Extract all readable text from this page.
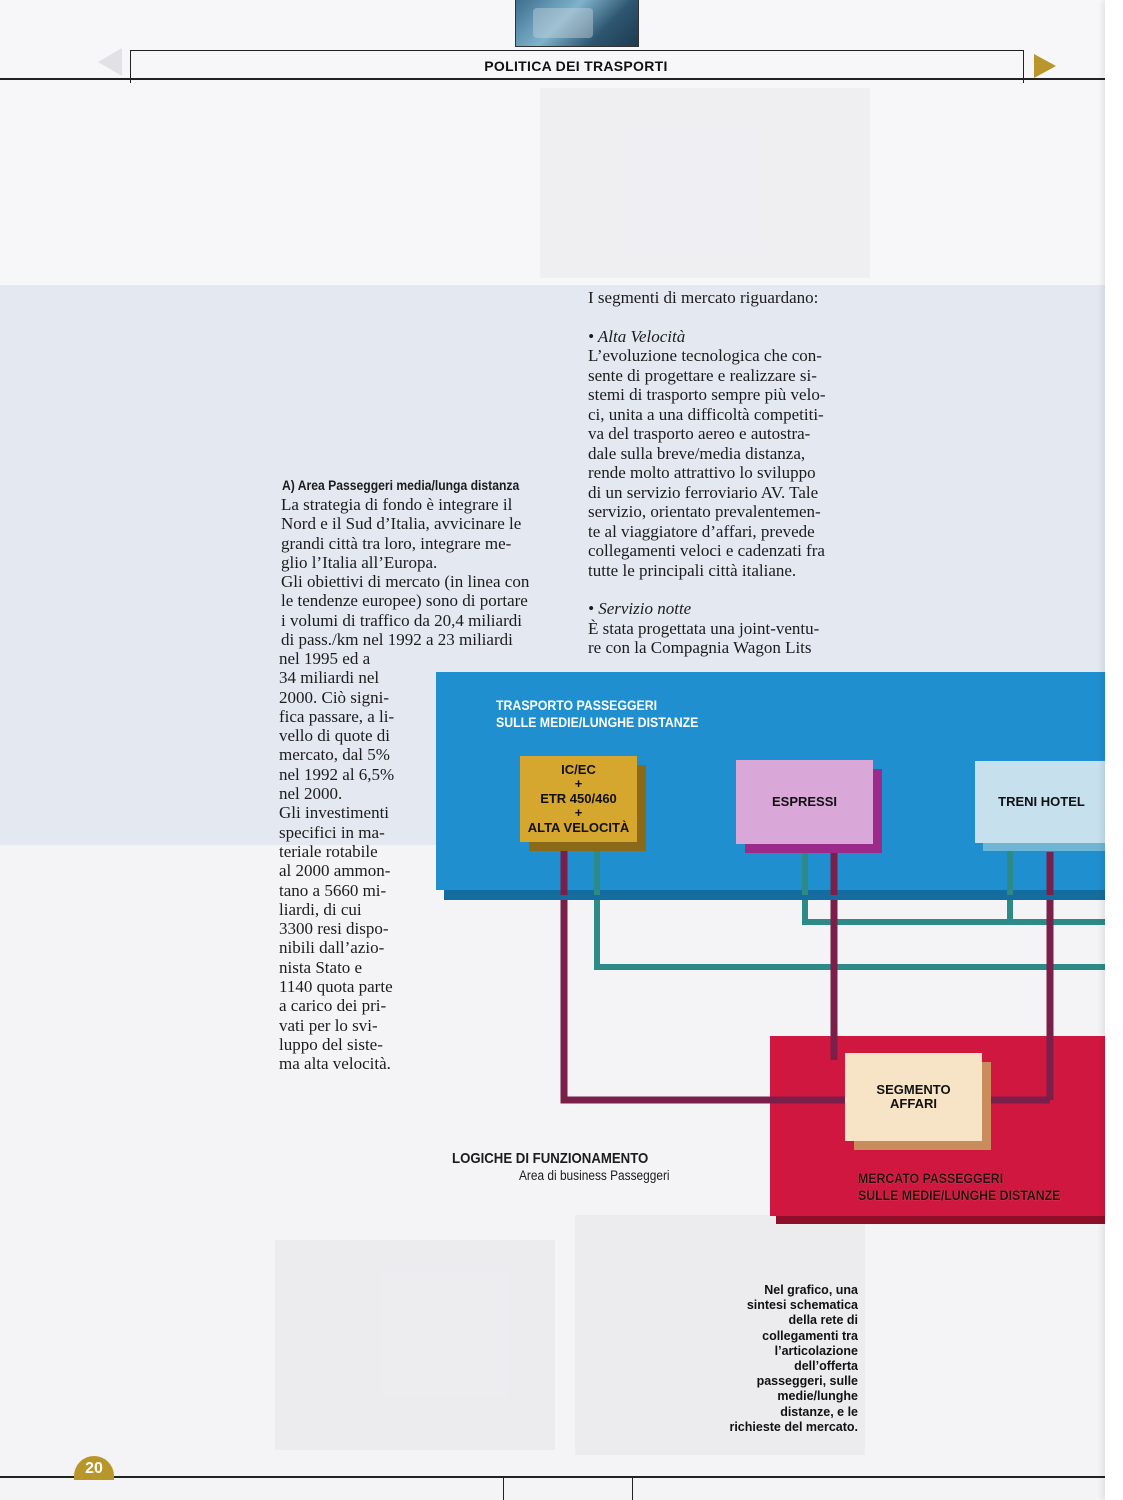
POLITICA DEI TRASPORTI

I segmenti di mercato riguardano:

• Alta Velocità

L’evoluzione tecnologica che con-

sente di progettare e realizzare si-

stemi di trasporto sempre più velo-

ci, unita a una difficoltà competiti-

va del trasporto aereo e autostra-

dale sulla breve/media distanza,

rende molto attrattivo lo sviluppo

di un servizio ferroviario AV. Tale

servizio, orientato prevalentemen-

te al viaggiatore d’affari, prevede

collegamenti veloci e cadenzati fra

tutte le principali città italiane.

• Servizio notte

È stata progettata una joint-ventu-

re con la Compagnia Wagon Lits

A) Area Passeggeri media/lunga distanza

La strategia di fondo è integrare il

Nord e il Sud d’Italia, avvicinare le

grandi città tra loro, integrare me-

glio l’Italia all’Europa.

Gli obiettivi di mercato (in linea con

le tendenze europee) sono di portare

i volumi di traffico da 20,4 miliardi

di pass./km nel 1992 a 23 miliardi

nel 1995 ed a

34 miliardi nel

2000. Ciò signi-

fica passare, a li-

vello di quote di

mercato, dal 5%

nel 1992 al 6,5%

nel 2000.

Gli investimenti

specifici in ma-

teriale rotabile

al 2000 ammon-

tano a 5660 mi-

liardi, di cui

3300 resi dispo-

nibili dall’azio-

nista Stato e

1140 quota parte

a carico dei pri-

vati per lo svi-

luppo del siste-

ma alta velocità.

TRASPORTO PASSEGGERI
SULLE MEDIE/LUNGHE DISTANZE
IC/EC
+
ETR 450/460
+
ALTA VELOCITÀ
ESPRESSI	TRENI HOTEL
SEGMENTO
AFFARI
MERCATO PASSEGGERI
SULLE MEDIE/LUNGHE DISTANZE
LOGICHE DI FUNZIONAMENTO
Area di business Passeggeri
Nel grafico, una
sintesi schematica
della rete di
collegamenti tra
l’articolazione
dell’offerta
passeggeri, sulle
medie/lunghe
distanze, e le
richieste del mercato.
20
